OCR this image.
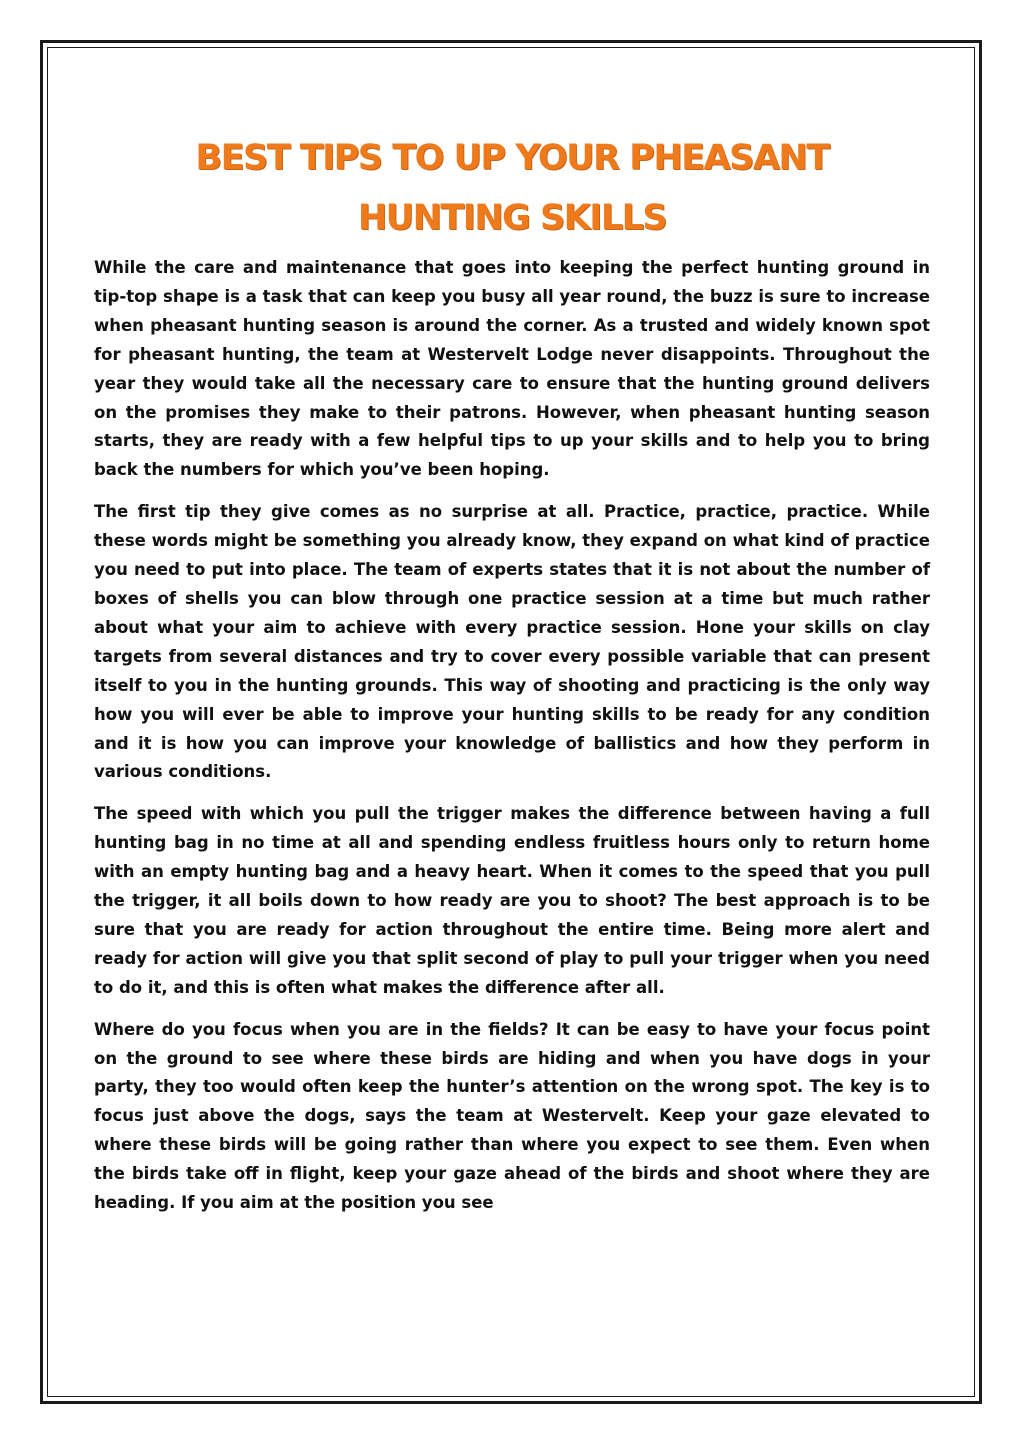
BEST TIPS TO UP YOUR PHEASANT
HUNTING SKILLS

While the care and maintenance that goes into keeping the perfect hunting ground in tip-top shape is a task that can keep you busy all year round, the buzz is sure to increase when pheasant hunting season is around the corner. As a trusted and widely known spot for pheasant hunting, the team at Westervelt Lodge never disappoints. Throughout the year they would take all the necessary care to ensure that the hunting ground delivers on the promises they make to their patrons. However, when pheasant hunting season starts, they are ready with a few helpful tips to up your skills and to help you to bring back the numbers for which you’ve been hoping.

The first tip they give comes as no surprise at all. Practice, practice, practice. While these words might be something you already know, they expand on what kind of practice you need to put into place. The team of experts states that it is not about the number of boxes of shells you can blow through one practice session at a time but much rather about what your aim to achieve with every practice session. Hone your skills on clay targets from several distances and try to cover every possible variable that can present itself to you in the hunting grounds. This way of shooting and practicing is the only way how you will ever be able to improve your hunting skills to be ready for any condition and it is how you can improve your knowledge of ballistics and how they perform in various conditions.

The speed with which you pull the trigger makes the difference between having a full hunting bag in no time at all and spending endless fruitless hours only to return home with an empty hunting bag and a heavy heart. When it comes to the speed that you pull the trigger, it all boils down to how ready are you to shoot? The best approach is to be sure that you are ready for action throughout the entire time. Being more alert and ready for action will give you that split second of play to pull your trigger when you need to do it, and this is often what makes the difference after all.

Where do you focus when you are in the fields? It can be easy to have your focus point on the ground to see where these birds are hiding and when you have dogs in your party, they too would often keep the hunter’s attention on the wrong spot. The key is to focus just above the dogs, says the team at Westervelt. Keep your gaze elevated to where these birds will be going rather than where you expect to see them. Even when the birds take off in flight, keep your gaze ahead of the birds and shoot where they are heading. If you aim at the position you see
